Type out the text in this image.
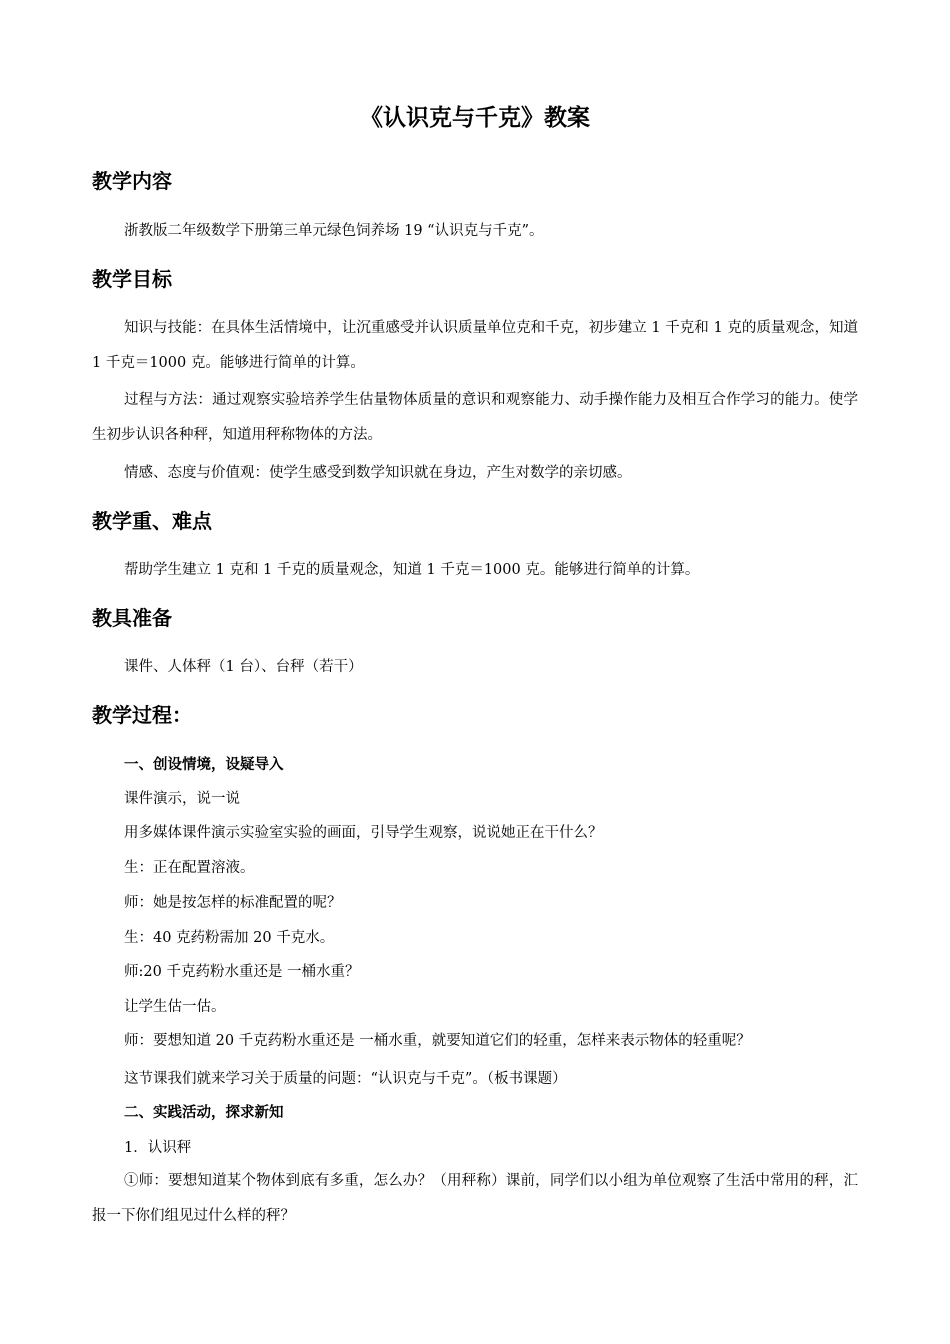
《认识克与千克》教案
教学内容

浙教版二年级数学下册第三单元绿色饲养场 19 “认识克与千克”。

教学目标

知识与技能：在具体生活情境中，让沉重感受并认识质量单位克和千克，初步建立 1 千克和 1 克的质量观念，知道 1 千克＝1000 克。能够进行简单的计算。

过程与方法：通过观察实验培养学生估量物体质量的意识和观察能力、动手操作能力及相互合作学习的能力。使学生初步认识各种秤，知道用秤称物体的方法。

情感、态度与价值观：使学生感受到数学知识就在身边，产生对数学的亲切感。

教学重、难点

帮助学生建立 1 克和 1 千克的质量观念，知道 1 千克＝1000 克。能够进行简单的计算。

教具准备

课件、人体秤（1 台）、台秤（若干）

教学过程：
一、创设情境，设疑导入

课件演示，说一说

用多媒体课件演示实验室实验的画面，引导学生观察，说说她正在干什么？

生：正在配置溶液。

师：她是按怎样的标准配置的呢？

生：40 克药粉需加 20 千克水。

师:20 千克药粉水重还是 一桶水重？

让学生估一估。

师：要想知道 20 千克药粉水重还是 一桶水重，就要知道它们的轻重，怎样来表示物体的轻重呢？

这节课我们就来学习关于质量的问题：“认识克与千克”。（板书课题）

二、实践活动，探求新知

1．认识秤

①师：要想知道某个物体到底有多重，怎么办？（用秤称）课前，同学们以小组为单位观察了生活中常用的秤，汇报一下你们组见过什么样的秤？
